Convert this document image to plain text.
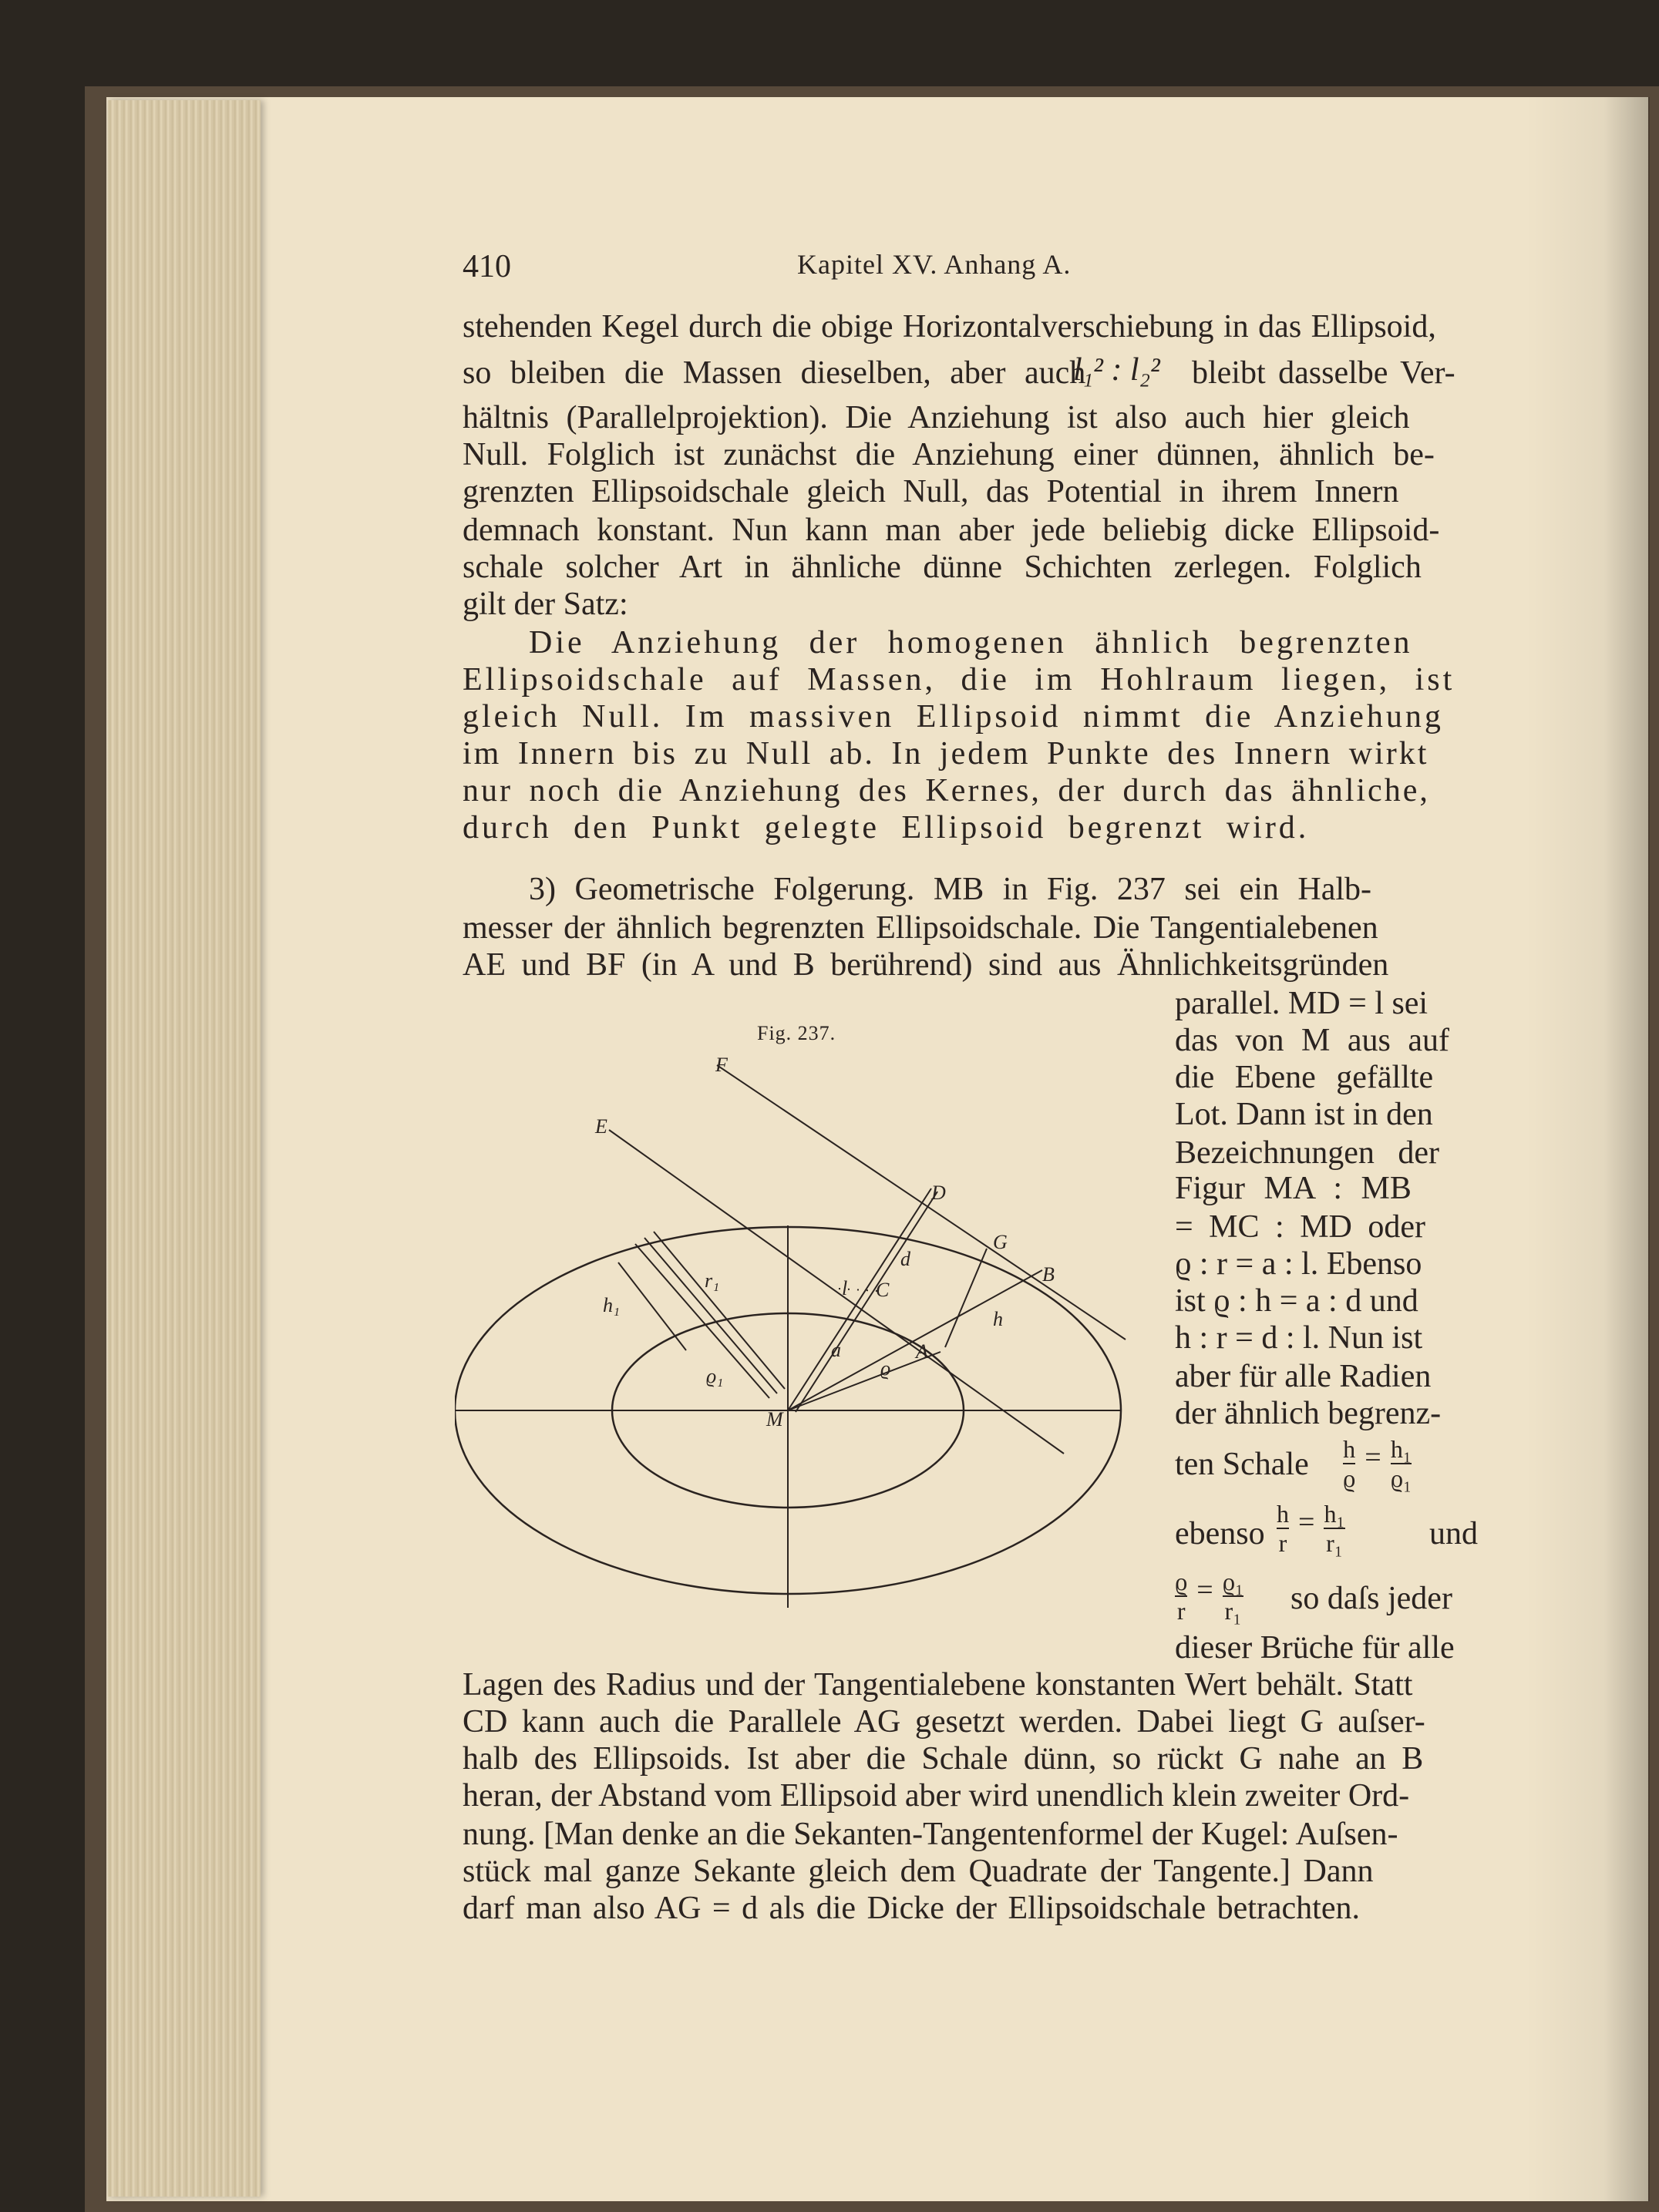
410	Kapitel XV. Anhang A.
stehenden Kegel durch die obige Horizontalverschiebung in das Ellipsoid,
so bleiben die Massen dieselben, aber auch
l₁² : l₂² bleibt dasselbe Ver-
hältnis (Parallelprojektion). Die Anziehung ist also auch hier gleich
Null. Folglich ist zunächst die Anziehung einer dünnen, ähnlich be-
grenzten Ellipsoidschale gleich Null, das Potential in ihrem Innern
demnach konstant. Nun kann man aber jede beliebig dicke Ellipsoid-
schale solcher Art in ähnliche dünne Schichten zerlegen. Folglich
gilt der Satz:
Die Anziehung der homogenen ähnlich begrenzten
Ellipsoidschale auf Massen, die im Hohlraum liegen, ist
gleich Null. Im massiven Ellipsoid nimmt die Anziehung
im Innern bis zu Null ab. In jedem Punkte des Innern wirkt
nur noch die Anziehung des Kernes, der durch das ähnliche,
durch den Punkt gelegte Ellipsoid begrenzt wird.
3) Geometrische Folgerung. MB in Fig. 237 sei ein Halb-
messer der ähnlich begrenzten Ellipsoidschale. Die Tangentialebenen
AE und BF (in A und B berührend) sind aus Ähnlichkeitsgründen
Fig. 237.
F
E
D
G
B
C
d
l
h
A
a
ϱ
M
h₁
r₁
ϱ₁
parallel. MD = l sei
das von M aus auf
die Ebene gefällte
Lot. Dann ist in den
Bezeichnungen der
Figur MA : MB
= MC : MD oder
ϱ : r = a : l. Ebenso
ist ϱ : h = a : d und
h : r = d : l. Nun ist
aber für alle Radien
der ähnlich begrenz-
ten Schale $\frac{h}{ϱ} = \frac{\text{h₁}}{\text{ϱ₁}}$
ebenso $\frac{h}{r} = \frac{\text{h₁}}{\text{r₁}}$	und
$\frac{ϱ}{r} = \frac{\text{ϱ₁}}{\text{r₁}}$ so daſs jeder
dieser Brüche für alle
Lagen des Radius und der Tangentialebene konstanten Wert behält. Statt
CD kann auch die Parallele AG gesetzt werden. Dabei liegt G auſser-
halb des Ellipsoids. Ist aber die Schale dünn, so rückt G nahe an B
heran, der Abstand vom Ellipsoid aber wird unendlich klein zweiter Ord-
nung. [Man denke an die Sekanten-Tangentenformel der Kugel: Auſsen-
stück mal ganze Sekante gleich dem Quadrate der Tangente.] Dann
darf man also AG = d als die Dicke der Ellipsoidschale betrachten.
